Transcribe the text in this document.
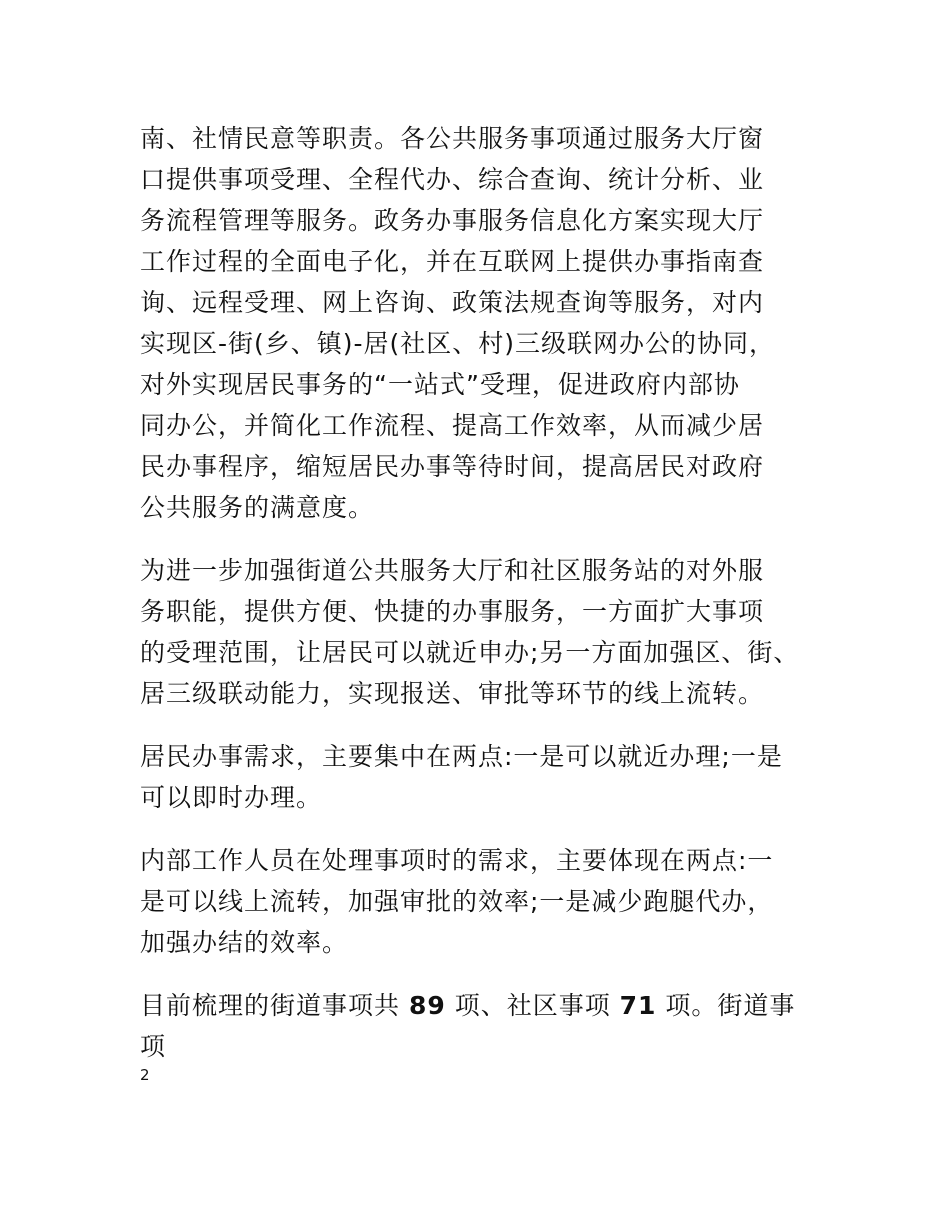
南、社情民意等职责。各公共服务事项通过服务大厅窗
口提供事项受理、全程代办、综合查询、统计分析、业
务流程管理等服务。政务办事服务信息化方案实现大厅
工作过程的全面电子化，并在互联网上提供办事指南查
询、远程受理、网上咨询、政策法规查询等服务，对内
实现区-街(乡、镇)-居(社区、村)三级联网办公的协同，
对外实现居民事务的“一站式”受理，促进政府内部协
同办公，并简化工作流程、提高工作效率，从而减少居
民办事程序，缩短居民办事等待时间，提高居民对政府
公共服务的满意度。

为进一步加强街道公共服务大厅和社区服务站的对外服
务职能，提供方便、快捷的办事服务，一方面扩大事项
的受理范围，让居民可以就近申办;另一方面加强区、街、
居三级联动能力，实现报送、审批等环节的线上流转。

居民办事需求，主要集中在两点:一是可以就近办理;一是
可以即时办理。

内部工作人员在处理事项时的需求，主要体现在两点:一
是可以线上流转，加强审批的效率;一是减少跑腿代办，
加强办结的效率。

目前梳理的街道事项共 89 项、社区事项 71 项。街道事
项

2
